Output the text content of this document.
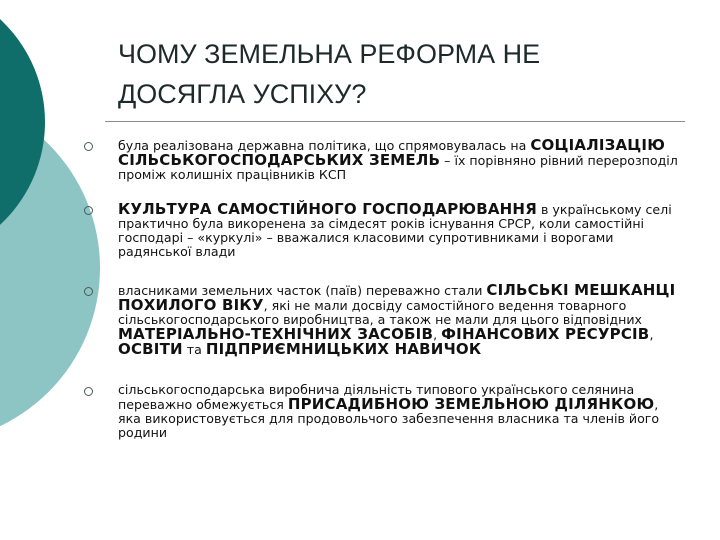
ЧОМУ ЗЕМЕЛЬНА РЕФОРМА НЕ
ДОСЯГЛА УСПІХУ?
була реалізована державна політика, що спрямовувалась на СОЦІАЛІЗАЦІЮ СІЛЬСЬКОГОСПОДАРСЬКИХ ЗЕМЕЛЬ – їх порівняно рівний перерозподіл проміж колишніх працівників КСП
КУЛЬТУРА САМОСТІЙНОГО ГОСПОДАРЮВАННЯ в українському селі практично була викоренена за сімдесят років існування СРСР, коли самостійні господарі – «куркулі» – вважалися класовими супротивниками і ворогами радянської влади
власниками земельних часток (паїв) переважно стали СІЛЬСЬКІ МЕШКАНЦІ ПОХИЛОГО ВІКУ, які не мали досвіду самостійного ведення товарного сільськогосподарського виробництва, а також не мали для цього відповідних МАТЕРІАЛЬНО-ТЕХНІЧНИХ ЗАСОБІВ, ФІНАНСОВИХ РЕСУРСІВ, ОСВІТИ та ПІДПРИЄМНИЦЬКИХ НАВИЧОК
сільськогосподарська виробнича діяльність типового українського селянина переважно обмежується ПРИСАДИБНОЮ ЗЕМЕЛЬНОЮ ДІЛЯНКОЮ, яка використовується для продовольчого забезпечення власника та членів його родини
